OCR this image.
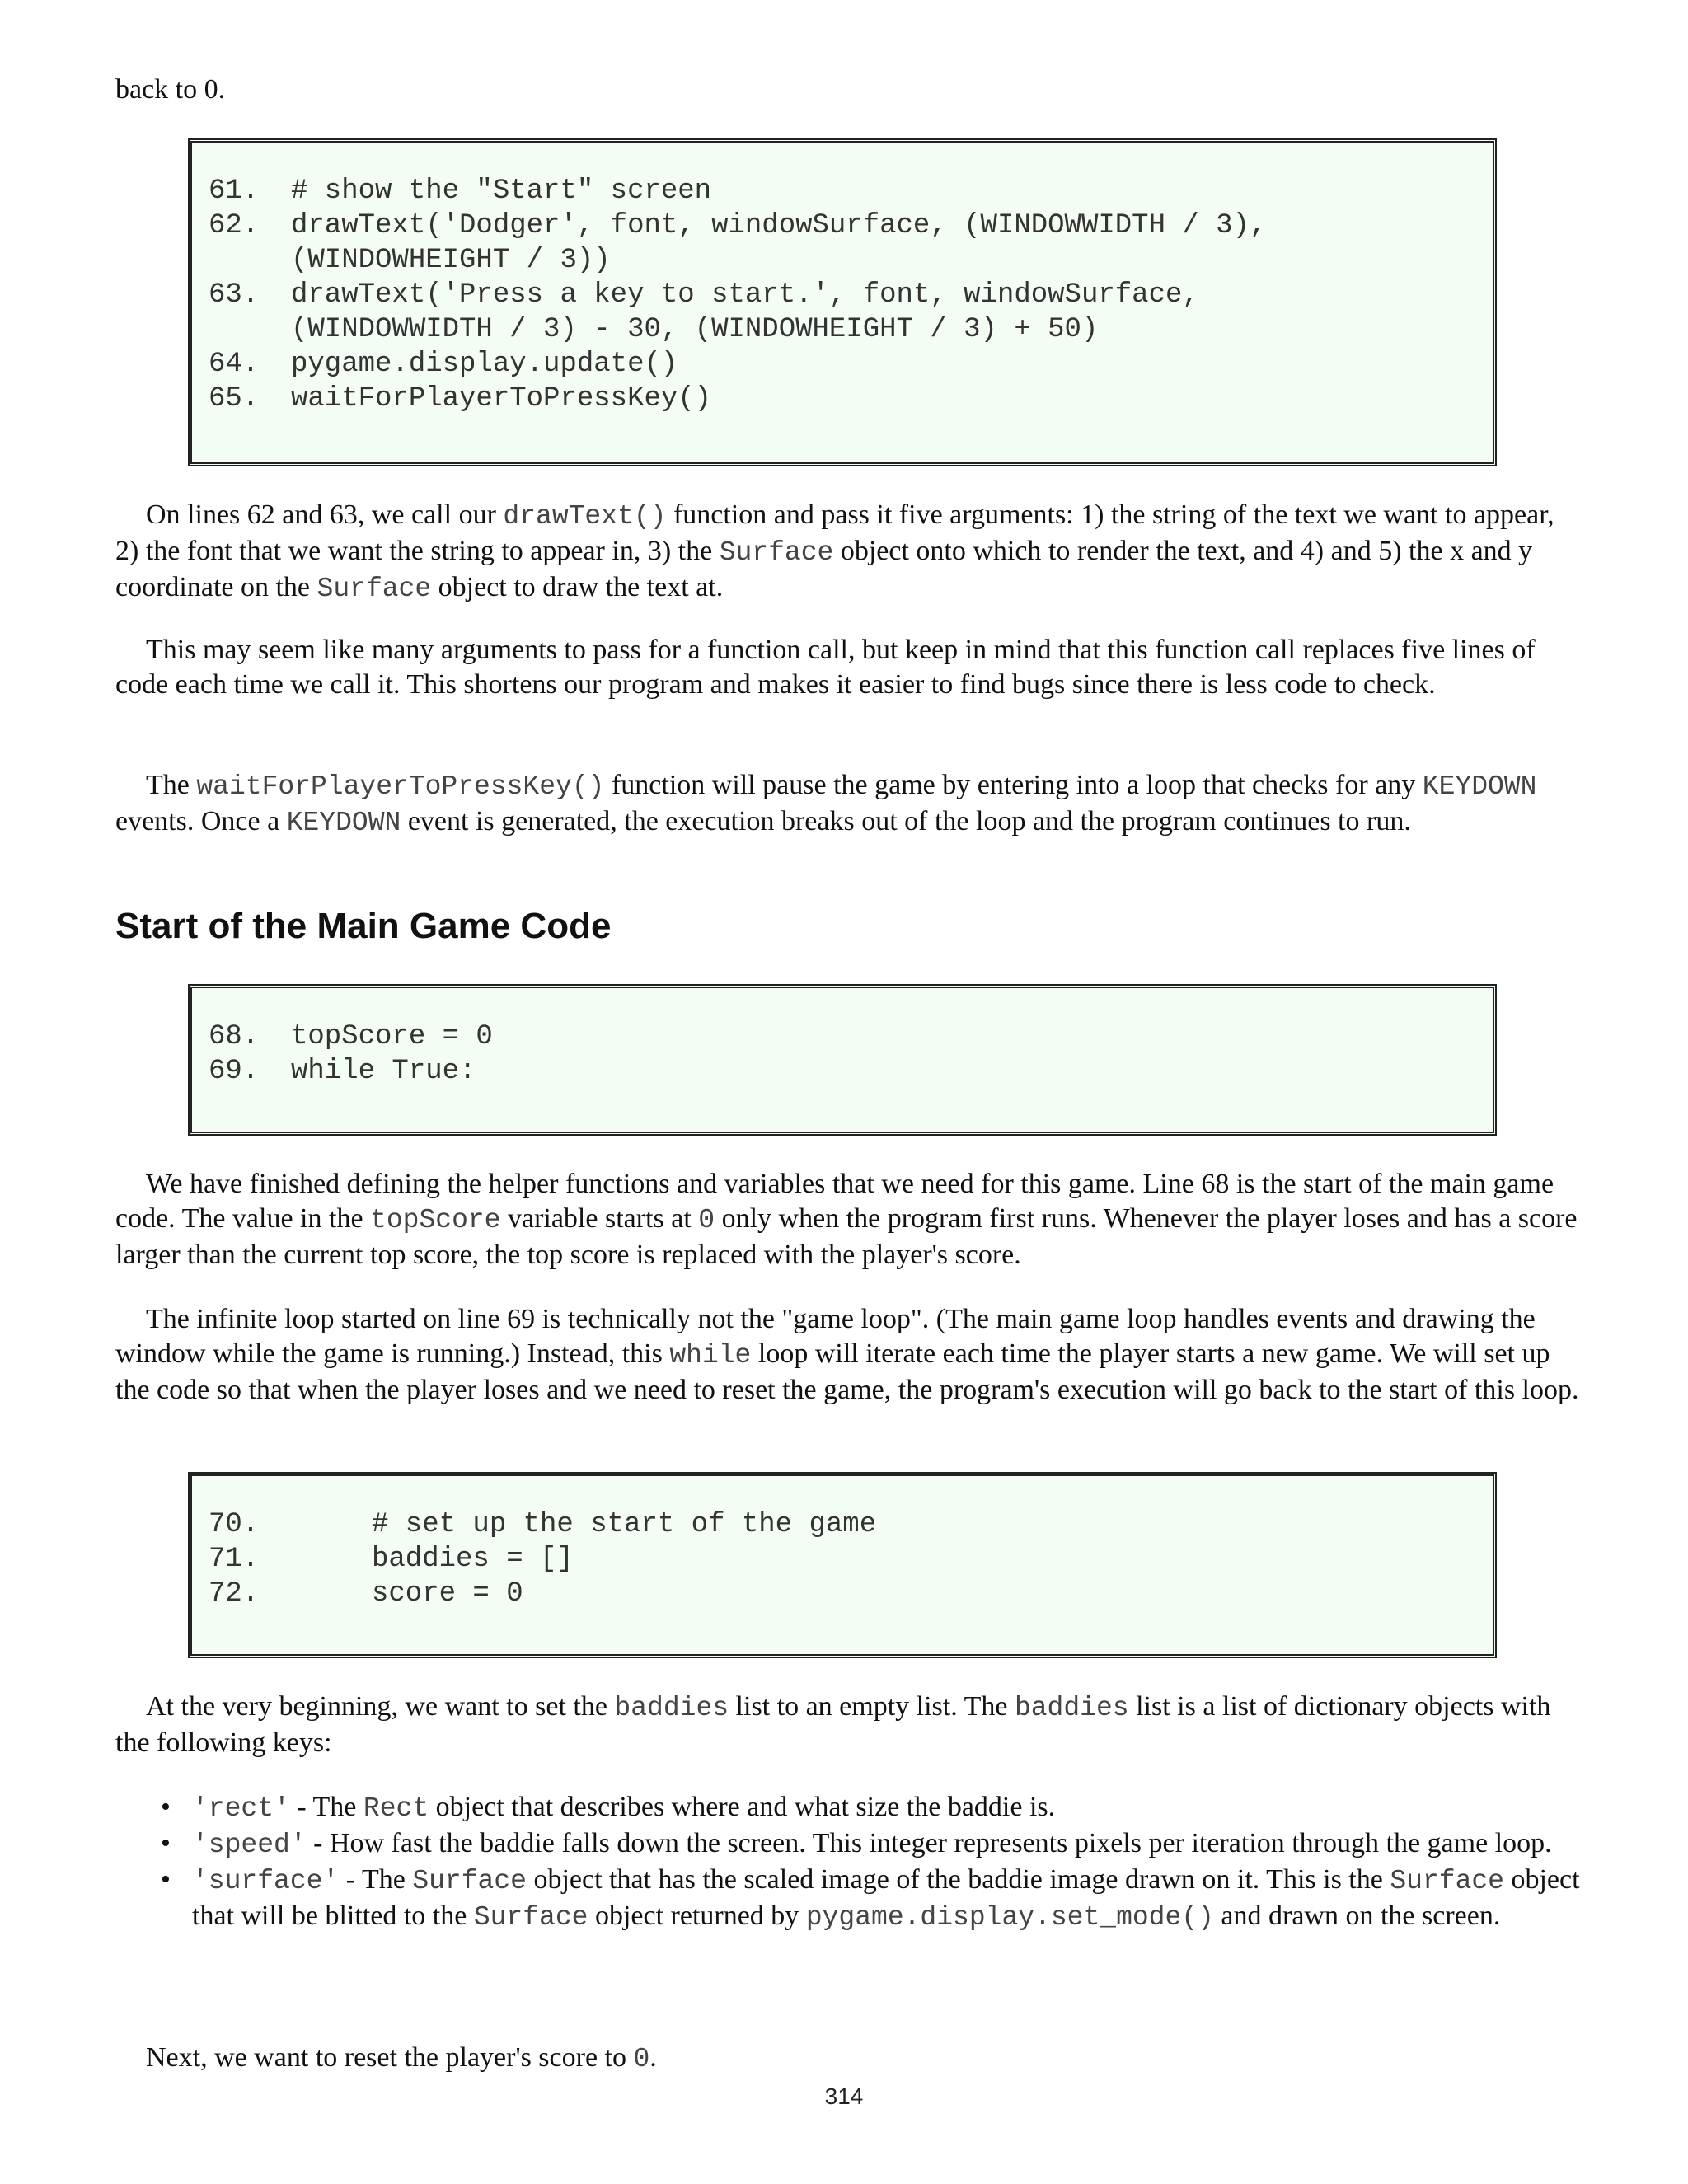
back to 0.

61. # show the "Start" screen
62. drawText('Dodger', font, windowSurface, (WINDOWWIDTH / 3),
(WINDOWHEIGHT / 3))
63. drawText('Press a key to start.', font, windowSurface,
(WINDOWWIDTH / 3) - 30, (WINDOWHEIGHT / 3) + 50)
64. pygame.display.update()
65. waitForPlayerToPressKey()

On lines 62 and 63, we call our drawText() function and pass it five arguments: 1) the string of the text we want to appear, 2) the font that we want the string to appear in, 3) the Surface object onto which to render the text, and 4) and 5) the x and y coordinate on the Surface object to draw the text at.

This may seem like many arguments to pass for a function call, but keep in mind that this function call replaces five lines of code each time we call it. This shortens our program and makes it easier to find bugs since there is less code to check.

The waitForPlayerToPressKey() function will pause the game by entering into a loop that checks for any KEYDOWN events. Once a KEYDOWN event is generated, the execution breaks out of the loop and the program continues to run.

Start of the Main Game Code
68. topScore = 0
69. while True:

We have finished defining the helper functions and variables that we need for this game. Line 68 is the start of the main game code. The value in the topScore variable starts at 0 only when the program first runs. Whenever the player loses and has a score larger than the current top score, the top score is replaced with the player's score.

The infinite loop started on line 69 is technically not the "game loop". (The main game loop handles events and drawing the window while the game is running.) Instead, this while loop will iterate each time the player starts a new game. We will set up the code so that when the player loses and we need to reset the game, the program's execution will go back to the start of this loop.

70.	# set up the start of the game
71.	baddies = []
72.	score = 0

At the very beginning, we want to set the baddies list to an empty list. The baddies list is a list of dictionary objects with the following keys:

• 'rect' - The Rect object that describes where and what size the baddie is.
• 'speed' - How fast the baddie falls down the screen. This integer represents pixels per iteration through the game loop.
• 'surface' - The Surface object that has the scaled image of the baddie image drawn on it. This is the Surface object that will be blitted to the Surface object returned by pygame.display.set_mode() and drawn on the screen.

Next, we want to reset the player's score to 0.

314
